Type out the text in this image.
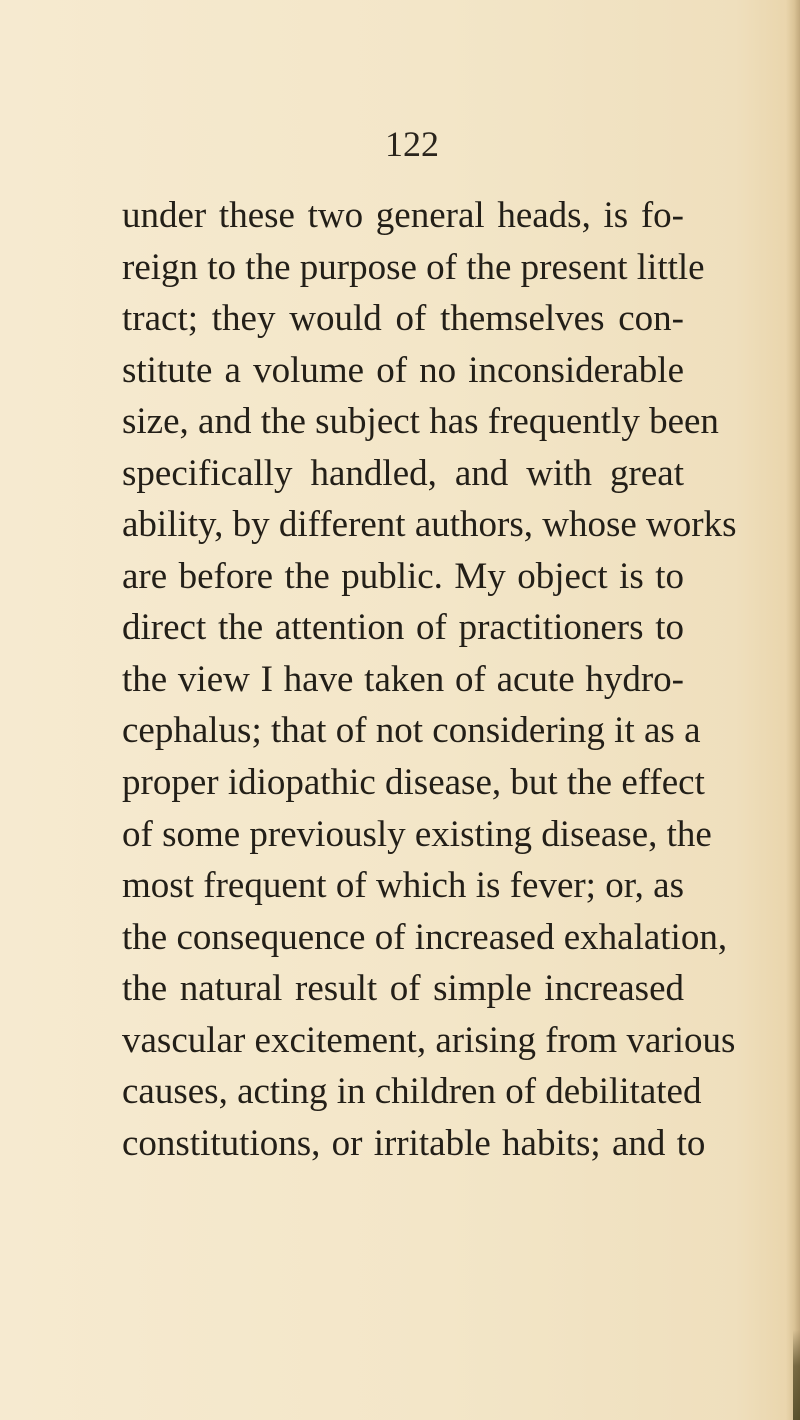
122
under these two general heads, is fo-
reign to the purpose of the present little
tract; they would of themselves con-
stitute a volume of no inconsiderable
size, and the subject has frequently been
specifically handled, and with great
ability, by different authors, whose works
are before the public. My object is to
direct the attention of practitioners to
the view I have taken of acute hydro-
cephalus; that of not considering it as a
proper idiopathic disease, but the effect
of some previously existing disease, the
most frequent of which is fever; or, as
the consequence of increased exhalation,
the natural result of simple increased
vascular excitement, arising from various
causes, acting in children of debilitated
constitutions, or irritable habits; and to
